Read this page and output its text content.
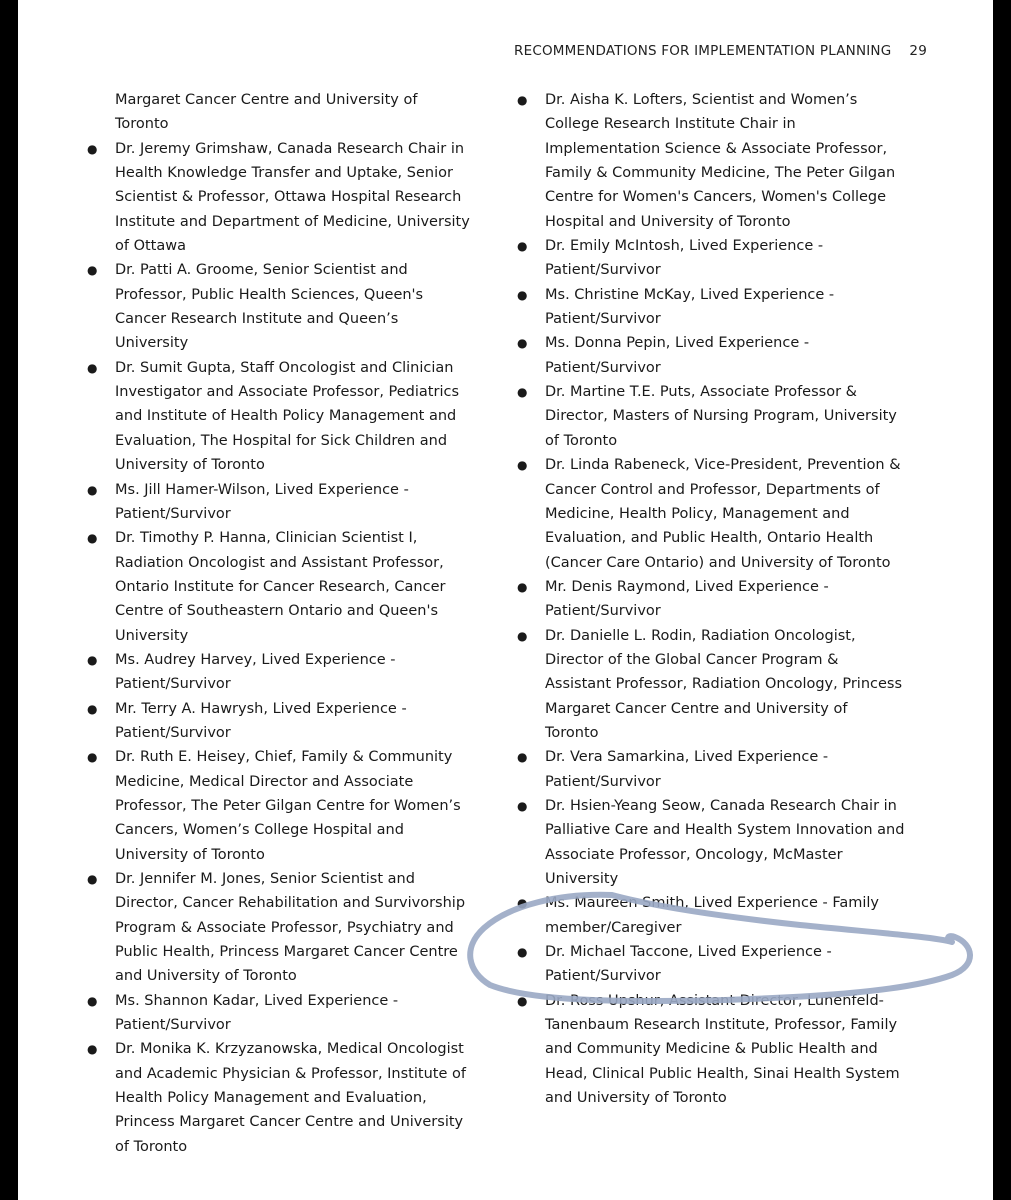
RECOMMENDATIONS FOR IMPLEMENTATION PLANNING 29
Margaret Cancer Centre and University of Toronto
● Dr. Jeremy Grimshaw, Canada Research Chair in Health Knowledge Transfer and Uptake, Senior Scientist & Professor, Ottawa Hospital Research Institute and Department of Medicine, University of Ottawa
● Dr. Patti A. Groome, Senior Scientist and Professor, Public Health Sciences, Queen's Cancer Research Institute and Queen’s University
● Dr. Sumit Gupta, Staff Oncologist and Clinician Investigator and Associate Professor, Pediatrics and Institute of Health Policy Management and Evaluation, The Hospital for Sick Children and University of Toronto
● Ms. Jill Hamer-Wilson, Lived Experience - Patient/Survivor
● Dr. Timothy P. Hanna, Clinician Scientist I, Radiation Oncologist and Assistant Professor, Ontario Institute for Cancer Research, Cancer Centre of Southeastern Ontario and Queen's University
● Ms. Audrey Harvey, Lived Experience - Patient/Survivor
● Mr. Terry A. Hawrysh, Lived Experience - Patient/Survivor
● Dr. Ruth E. Heisey, Chief, Family & Community Medicine, Medical Director and Associate Professor, The Peter Gilgan Centre for Women’s Cancers, Women’s College Hospital and University of Toronto
● Dr. Jennifer M. Jones, Senior Scientist and Director, Cancer Rehabilitation and Survivorship Program & Associate Professor, Psychiatry and Public Health, Princess Margaret Cancer Centre and University of Toronto
● Ms. Shannon Kadar, Lived Experience - Patient/Survivor
● Dr. Monika K. Krzyzanowska, Medical Oncologist and Academic Physician & Professor, Institute of Health Policy Management and Evaluation, Princess Margaret Cancer Centre and University of Toronto
● Dr. Aisha K. Lofters, Scientist and Women’s College Research Institute Chair in Implementation Science & Associate Professor, Family & Community Medicine, The Peter Gilgan Centre for Women's Cancers, Women's College Hospital and University of Toronto
● Dr. Emily McIntosh, Lived Experience - Patient/Survivor
● Ms. Christine McKay, Lived Experience - Patient/Survivor
● Ms. Donna Pepin, Lived Experience - Patient/Survivor
● Dr. Martine T.E. Puts, Associate Professor & Director, Masters of Nursing Program, University of Toronto
● Dr. Linda Rabeneck, Vice-President, Prevention & Cancer Control and Professor, Departments of Medicine, Health Policy, Management and Evaluation, and Public Health, Ontario Health (Cancer Care Ontario) and University of Toronto
● Mr. Denis Raymond, Lived Experience - Patient/Survivor
● Dr. Danielle L. Rodin, Radiation Oncologist, Director of the Global Cancer Program & Assistant Professor, Radiation Oncology, Princess Margaret Cancer Centre and University of Toronto
● Dr. Vera Samarkina, Lived Experience - Patient/Survivor
● Dr. Hsien-Yeang Seow, Canada Research Chair in Palliative Care and Health System Innovation and Associate Professor, Oncology, McMaster University
● Ms. Maureen Smith, Lived Experience - Family member/Caregiver
● Dr. Michael Taccone, Lived Experience - Patient/Survivor
● Dr. Ross Upshur, Assistant Director, Lunenfeld-Tanenbaum Research Institute, Professor, Family and Community Medicine & Public Health and Head, Clinical Public Health, Sinai Health System and University of Toronto
